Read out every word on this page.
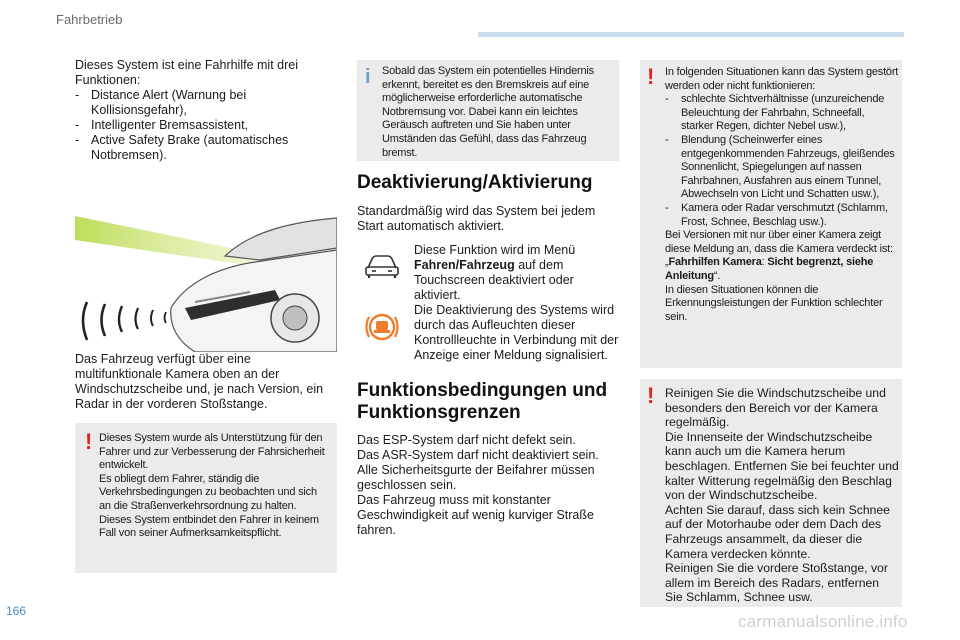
Fahrbetrieb
Dieses System ist eine Fahrhilfe mit drei Funktionen:
- Distance Alert (Warnung bei Kollisionsgefahr),
- Intelligenter Bremsassistent,
- Active Safety Brake (automatisches Notbremsen).
Das Fahrzeug verfügt über eine multifunktionale Kamera oben an der Windschutzscheibe und, je nach Version, ein Radar in der vorderen Stoßstange.
! Dieses System wurde als Unterstützung für den Fahrer und zur Verbesserung der Fahrsicherheit entwickelt.
Es obliegt dem Fahrer, ständig die Verkehrsbedingungen zu beobachten und sich an die Straßenverkehrsordnung zu halten.
Dieses System entbindet den Fahrer in keinem Fall von seiner Aufmerksamkeitspflicht.
i Sobald das System ein potentielles Hindernis erkennt, bereitet es den Bremskreis auf eine möglicherweise erforderliche automatische Notbremsung vor. Dabei kann ein leichtes Geräusch auftreten und Sie haben unter Umständen das Gefühl, dass das Fahrzeug bremst.
Deaktivierung/Aktivierung
Standardmäßig wird das System bei jedem Start automatisch aktiviert.
Diese Funktion wird im Menü Fahren/Fahrzeug auf dem Touchscreen deaktiviert oder aktiviert.
Die Deaktivierung des Systems wird durch das Aufleuchten dieser Kontrollleuchte in Verbindung mit der Anzeige einer Meldung signalisiert.
Funktionsbedingungen und
Funktionsgrenzen
Das ESP-System darf nicht defekt sein.
Das ASR-System darf nicht deaktiviert sein.
Alle Sicherheitsgurte der Beifahrer müssen geschlossen sein.
Das Fahrzeug muss mit konstanter Geschwindigkeit auf wenig kurviger Straße fahren.
! In folgenden Situationen kann das System gestört werden oder nicht funktionieren:
- schlechte Sichtverhältnisse (unzureichende Beleuchtung der Fahrbahn, Schneefall, starker Regen, dichter Nebel usw.),
- Blendung (Scheinwerfer eines entgegenkommenden Fahrzeugs, gleißendes Sonnenlicht, Spiegelungen auf nassen Fahrbahnen, Ausfahren aus einem Tunnel, Abwechseln von Licht und Schatten usw.),
- Kamera oder Radar verschmutzt (Schlamm, Frost, Schnee, Beschlag usw.).
Bei Versionen mit nur über einer Kamera zeigt diese Meldung an, dass die Kamera verdeckt ist: „Fahrhilfen Kamera: Sicht begrenzt, siehe Anleitung“.
In diesen Situationen können die Erkennungsleistungen der Funktion schlechter sein.
! Reinigen Sie die Windschutzscheibe und besonders den Bereich vor der Kamera regelmäßig.
Die Innenseite der Windschutzscheibe kann auch um die Kamera herum beschlagen. Entfernen Sie bei feuchter und kalter Witterung regelmäßig den Beschlag von der Windschutzscheibe.
Achten Sie darauf, dass sich kein Schnee auf der Motorhaube oder dem Dach des Fahrzeugs ansammelt, da dieser die Kamera verdecken könnte.
Reinigen Sie die vordere Stoßstange, vor allem im Bereich des Radars, entfernen Sie Schlamm, Schnee usw.
166
carmanualsonline.info
